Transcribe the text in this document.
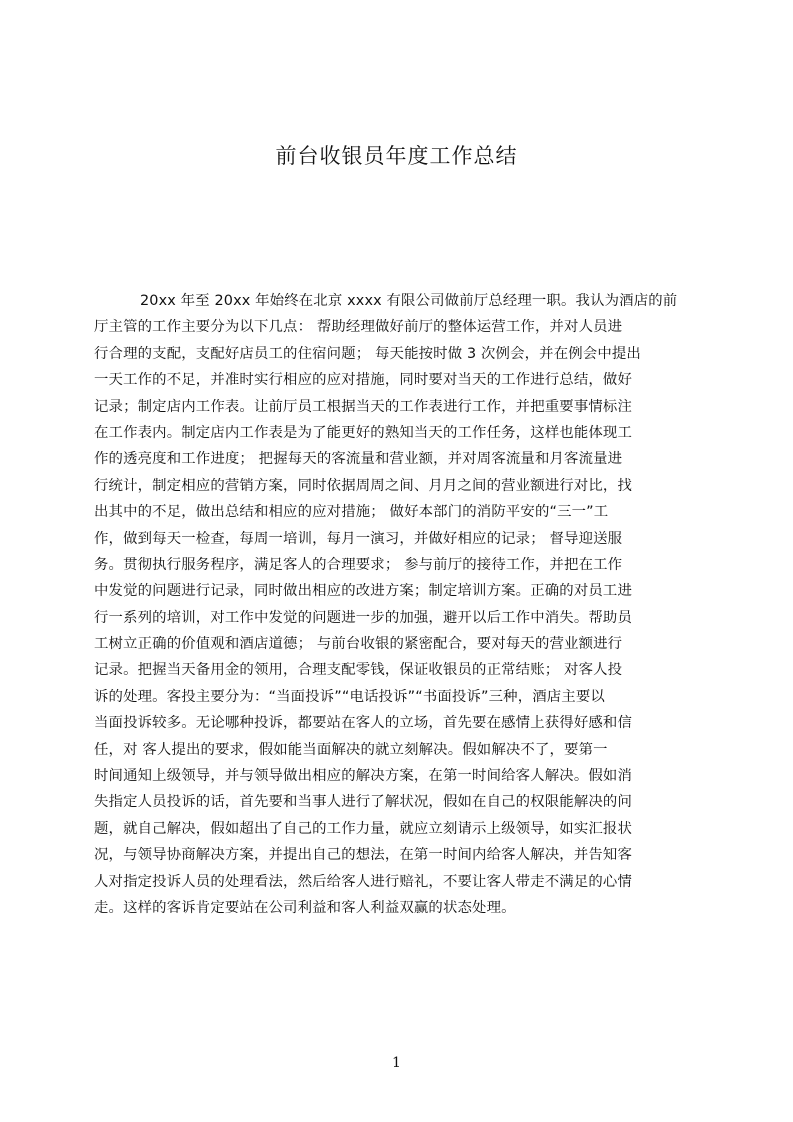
前台收银员年度工作总结
20xx 年至 20xx 年始终在北京 xxxx 有限公司做前厅总经理一职。我认为酒店的前
厅主管的工作主要分为以下几点： 帮助经理做好前厅的整体运营工作，并对人员进
行合理的支配，支配好店员工的住宿问题； 每天能按时做 3 次例会，并在例会中提出
一天工作的不足，并准时实行相应的应对措施，同时要对当天的工作进行总结，做好
记录；制定店内工作表。让前厅员工根据当天的工作表进行工作，并把重要事情标注
在工作表内。制定店内工作表是为了能更好的熟知当天的工作任务，这样也能体现工
作的透亮度和工作进度； 把握每天的客流量和营业额，并对周客流量和月客流量进
行统计，制定相应的营销方案，同时依据周周之间、月月之间的营业额进行对比，找
出其中的不足，做出总结和相应的应对措施； 做好本部门的消防平安的“三一”工
作，做到每天一检查，每周一培训，每月一演习，并做好相应的记录； 督导迎送服
务。贯彻执行服务程序，满足客人的合理要求； 参与前厅的接待工作，并把在工作
中发觉的问题进行记录，同时做出相应的改进方案；制定培训方案。正确的对员工进
行一系列的培训，对工作中发觉的问题进一步的加强，避开以后工作中消失。帮助员
工树立正确的价值观和酒店道德； 与前台收银的紧密配合，要对每天的营业额进行
记录。把握当天备用金的领用，合理支配零钱，保证收银员的正常结账； 对客人投
诉的处理。客投主要分为：“当面投诉”“电话投诉”“书面投诉”三种，酒店主要以
当面投诉较多。无论哪种投诉，都要站在客人的立场，首先要在感情上获得好感和信
任，对 客人提出的要求，假如能当面解决的就立刻解决。假如解决不了，要第一
时间通知上级领导，并与领导做出相应的解决方案，在第一时间给客人解决。假如消
失指定人员投诉的话，首先要和当事人进行了解状况，假如在自己的权限能解决的问
题，就自己解决，假如超出了自己的工作力量，就应立刻请示上级领导，如实汇报状
况，与领导协商解决方案，并提出自己的想法，在第一时间内给客人解决，并告知客
人对指定投诉人员的处理看法，然后给客人进行赔礼，不要让客人带走不满足的心情
走。这样的客诉肯定要站在公司利益和客人利益双赢的状态处理。
1
